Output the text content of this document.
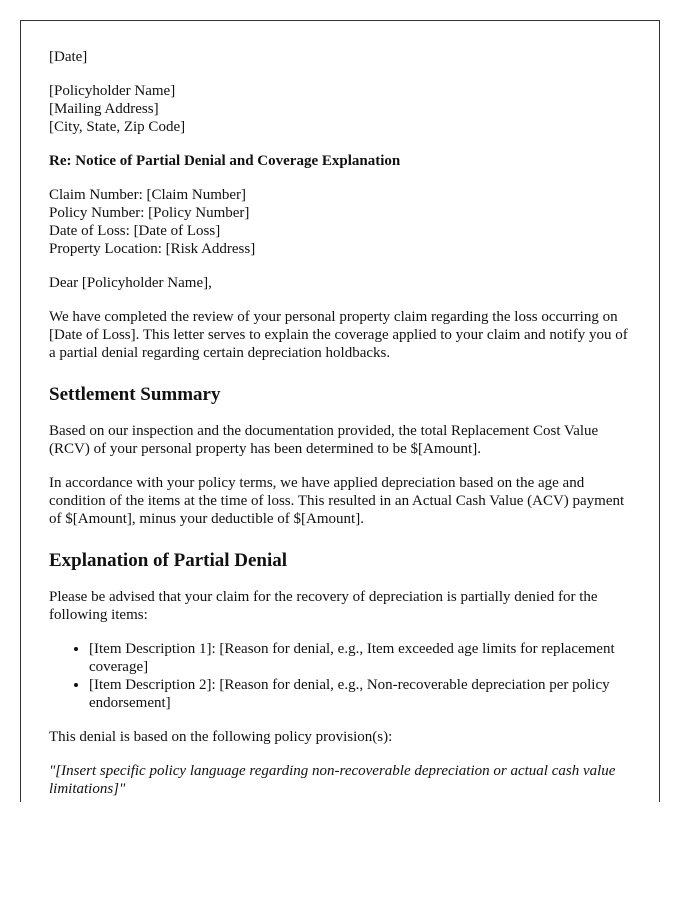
[Date]

[Policyholder Name]
[Mailing Address]
[City, State, Zip Code]

Re: Notice of Partial Denial and Coverage Explanation

Claim Number: [Claim Number]
Policy Number: [Policy Number]
Date of Loss: [Date of Loss]
Property Location: [Risk Address]

Dear [Policyholder Name],

We have completed the review of your personal property claim regarding the loss occurring on [Date of Loss]. This letter serves to explain the coverage applied to your claim and notify you of a partial denial regarding certain depreciation holdbacks.

Settlement Summary

Based on our inspection and the documentation provided, the total Replacement Cost Value (RCV) of your personal property has been determined to be $[Amount].

In accordance with your policy terms, we have applied depreciation based on the age and condition of the items at the time of loss. This resulted in an Actual Cash Value (ACV) payment of $[Amount], minus your deductible of $[Amount].

Explanation of Partial Denial

Please be advised that your claim for the recovery of depreciation is partially denied for the following items:

• [Item Description 1]: [Reason for denial, e.g., Item exceeded age limits for replacement coverage]
• [Item Description 2]: [Reason for denial, e.g., Non-recoverable depreciation per policy endorsement]

This denial is based on the following policy provision(s):

"[Insert specific policy language regarding non-recoverable depreciation or actual cash value limitations]"
